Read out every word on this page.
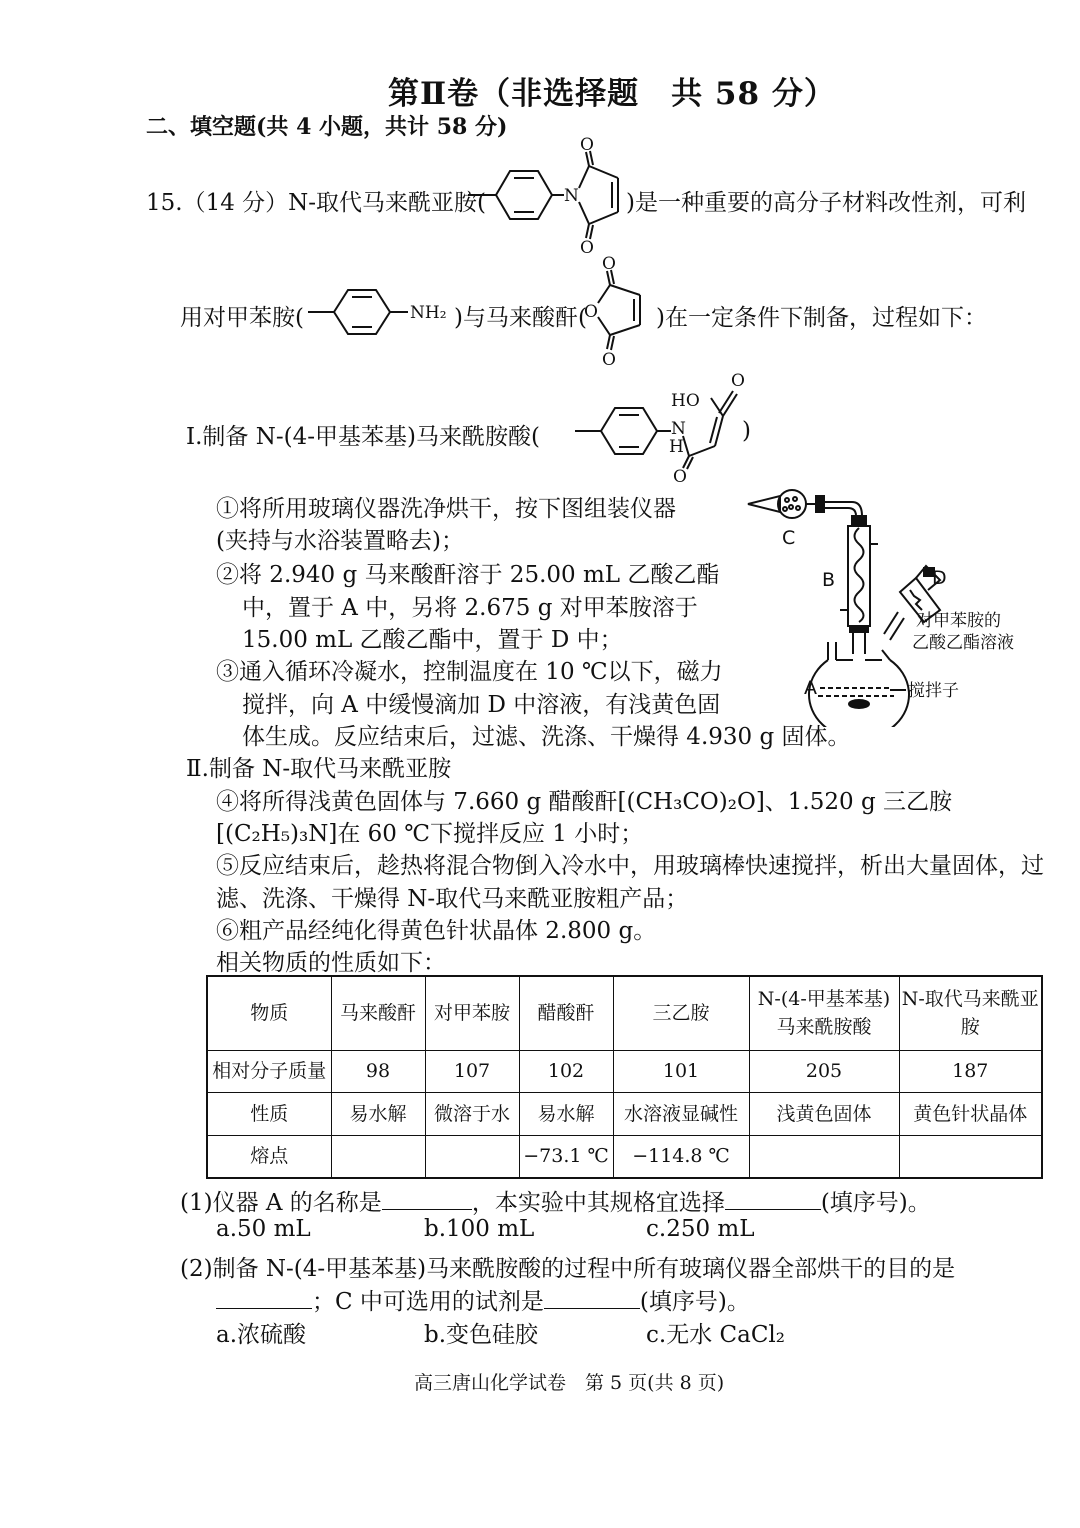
第Ⅱ卷（非选择题　共 58 分）
二、填空题(共 4 小题，共计 58 分)
15.（14 分）N-取代马来酰亚胺(	N
O
O
)是一种重要的高分子材料改性剂，可利
用对甲苯胺(	NH₂ )与马来酸酐(
O
O
O
)在一定条件下制备，过程如下：
Ⅰ.制备 N-(4-甲基苯基)马来酰胺酸(	N
H
O
O
HO
)
①将所用玻璃仪器洗净烘干，按下图组装仪器
(夹持与水浴装置略去)；
②将 2.940 g 马来酸酐溶于 25.00 mL 乙酸乙酯
中，置于 A 中，另将 2.675 g 对甲苯胺溶于
15.00 mL 乙酸乙酯中，置于 D 中；
③通入循环冷凝水，控制温度在 10 ℃以下，磁力
搅拌，向 A 中缓慢滴加 D 中溶液，有浅黄色固
体生成。反应结束后，过滤、洗涤、干燥得 4.930 g 固体。
C
B	D
对甲苯胺的
乙酸乙酯溶液
A	搅拌子
Ⅱ.制备 N-取代马来酰亚胺
④将所得浅黄色固体与 7.660 g 醋酸酐[(CH₃CO)₂O]、1.520 g 三乙胺
[(C₂H₅)₃N]在 60 ℃下搅拌反应 1 小时；
⑤反应结束后，趁热将混合物倒入冷水中，用玻璃棒快速搅拌，析出大量固体，过
滤、洗涤、干燥得 N-取代马来酰亚胺粗产品；
⑥粗产品经纯化得黄色针状晶体 2.800 g。
相关物质的性质如下：
物质	马来酸酐	对甲苯胺	醋酸酐	三乙胺	N-(4-甲基苯基)马来酰胺酸	N-取代马来酰亚胺
相对分子质量	98	107	102	101	205	187
性质	易水解	微溶于水	易水解	水溶液显碱性	浅黄色固体	黄色针状晶体
熔点			−73.1 ℃	−114.8 ℃		
(1)仪器 A 的名称是	，本实验中其规格宜选择	(填序号)。
a.50 mL	b.100 mL	c.250 mL
(2)制备 N-(4-甲基苯基)马来酰胺酸的过程中所有玻璃仪器全部烘干的目的是
；C 中可选用的试剂是	(填序号)。
a.浓硫酸	b.变色硅胶	c.无水 CaCl₂
高三唐山化学试卷　第 5 页(共 8 页)
